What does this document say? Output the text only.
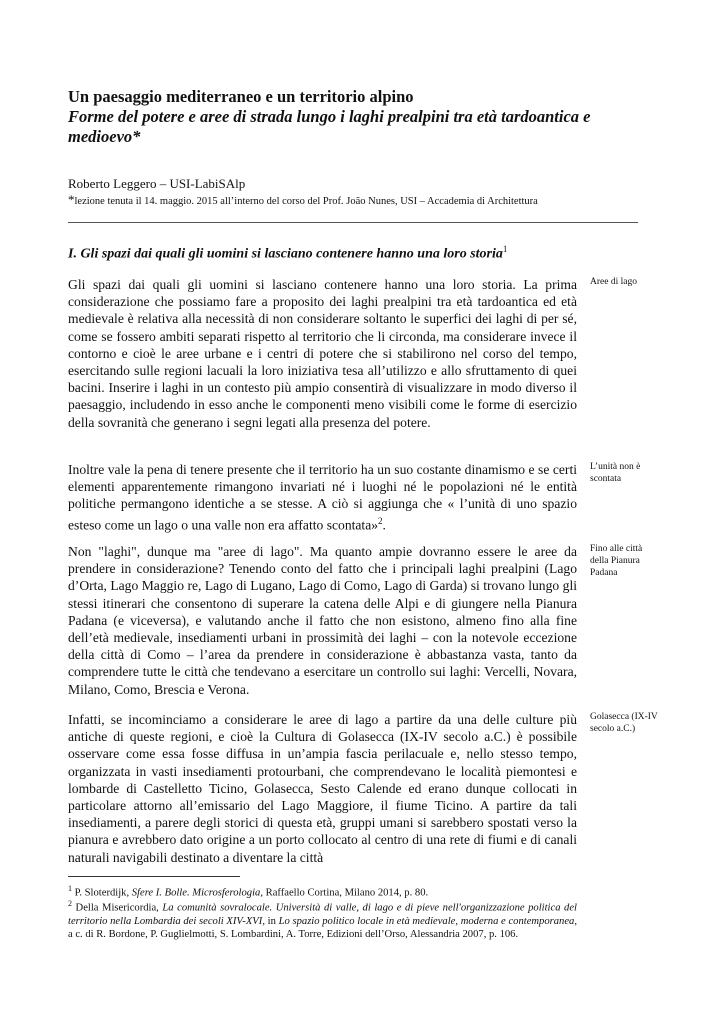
Un paesaggio mediterraneo e un territorio alpino
Forme del potere e aree di strada lungo i laghi prealpini tra età tardoantica e medioevo*
Roberto Leggero – USI-LabiSAlp
*lezione tenuta il 14. maggio. 2015 all’interno del corso del Prof. João Nunes, USI – Accademia di Architettura
I. Gli spazi dai quali gli uomini si lasciano contenere hanno una loro storia$^1$
Gli spazi dai quali gli uomini si lasciano contenere hanno una loro storia. La prima considerazione che possiamo fare a proposito dei laghi prealpini tra età tardoantica ed età medievale è relativa alla necessità di non considerare soltanto le superfici dei laghi di per sé, come se fossero ambiti separati rispetto al territorio che li circonda, ma considerare invece il contorno e cioè le aree urbane e i centri di potere che si stabilirono nel corso del tempo, esercitando sulle regioni lacuali la loro iniziativa tesa all’utilizzo e allo sfruttamento di quei bacini. Inserire i laghi in un contesto più ampio consentirà di visualizzare in modo diverso il paesaggio, includendo in esso anche le componenti meno visibili come le forme di esercizio della sovranità che generano i segni legati alla presenza del potere.
Aree di lago
Inoltre vale la pena di tenere presente che il territorio ha un suo costante dinamismo e se certi elementi apparentemente rimangono invariati né i luoghi né le popolazioni né le entità politiche permangono identiche a se stesse. A ciò si aggiunga che « l’unità di uno spazio esteso come un lago o una valle non era affatto scontata»$^2$.
L’unità non è scontata
Non "laghi", dunque ma "aree di lago". Ma quanto ampie dovranno essere le aree da prendere in considerazione? Tenendo conto del fatto che i principali laghi prealpini (Lago d’Orta, Lago Maggio re, Lago di Lugano, Lago di Como, Lago di Garda) si trovano lungo gli stessi itinerari che consentono di superare la catena delle Alpi e di giungere nella Pianura Padana (e viceversa), e valutando anche il fatto che non esistono, almeno fino alla fine dell’età medievale, insediamenti urbani in prossimità dei laghi – con la notevole eccezione della città di Como – l’area da prendere in considerazione è abbastanza vasta, tanto da comprendere tutte le città che tendevano a esercitare un controllo sui laghi: Vercelli, Novara, Milano, Como, Brescia e Verona.
Fino alle città della Pianura Padana
Infatti, se incominciamo a considerare le aree di lago a partire da una delle culture più antiche di queste regioni, e cioè la Cultura di Golasecca (IX-IV secolo a.C.) è possibile osservare come essa fosse diffusa in un’ampia fascia perilacuale e, nello stesso tempo, organizzata in vasti insediamenti protourbani, che comprendevano le località piemontesi e lombarde di Castelletto Ticino, Golasecca, Sesto Calende ed erano dunque collocati in particolare attorno all’emissario del Lago Maggiore, il fiume Ticino. A partire da tali insediamenti, a parere degli storici di questa età, gruppi umani si sarebbero spostati verso la pianura e avrebbero dato origine a un porto collocato al centro di una rete di fiumi e di canali naturali navigabili destinato a diventare la città
Golasecca (IX-IV secolo a.C.)
$^1$ P. Sloterdijk, Sfere I. Bolle. Microsferologia, Raffaello Cortina, Milano 2014, p. 80.
$^2$ Della Misericordia, La comunità sovralocale. Università di valle, di lago e di pieve nell'organizzazione politica del territorio nella Lombardia dei secoli XIV-XVI, in Lo spazio politico locale in età medievale, moderna e contemporanea, a c. di R. Bordone, P. Guglielmotti, S. Lombardini, A. Torre, Edizioni dell’Orso, Alessandria 2007, p. 106.
